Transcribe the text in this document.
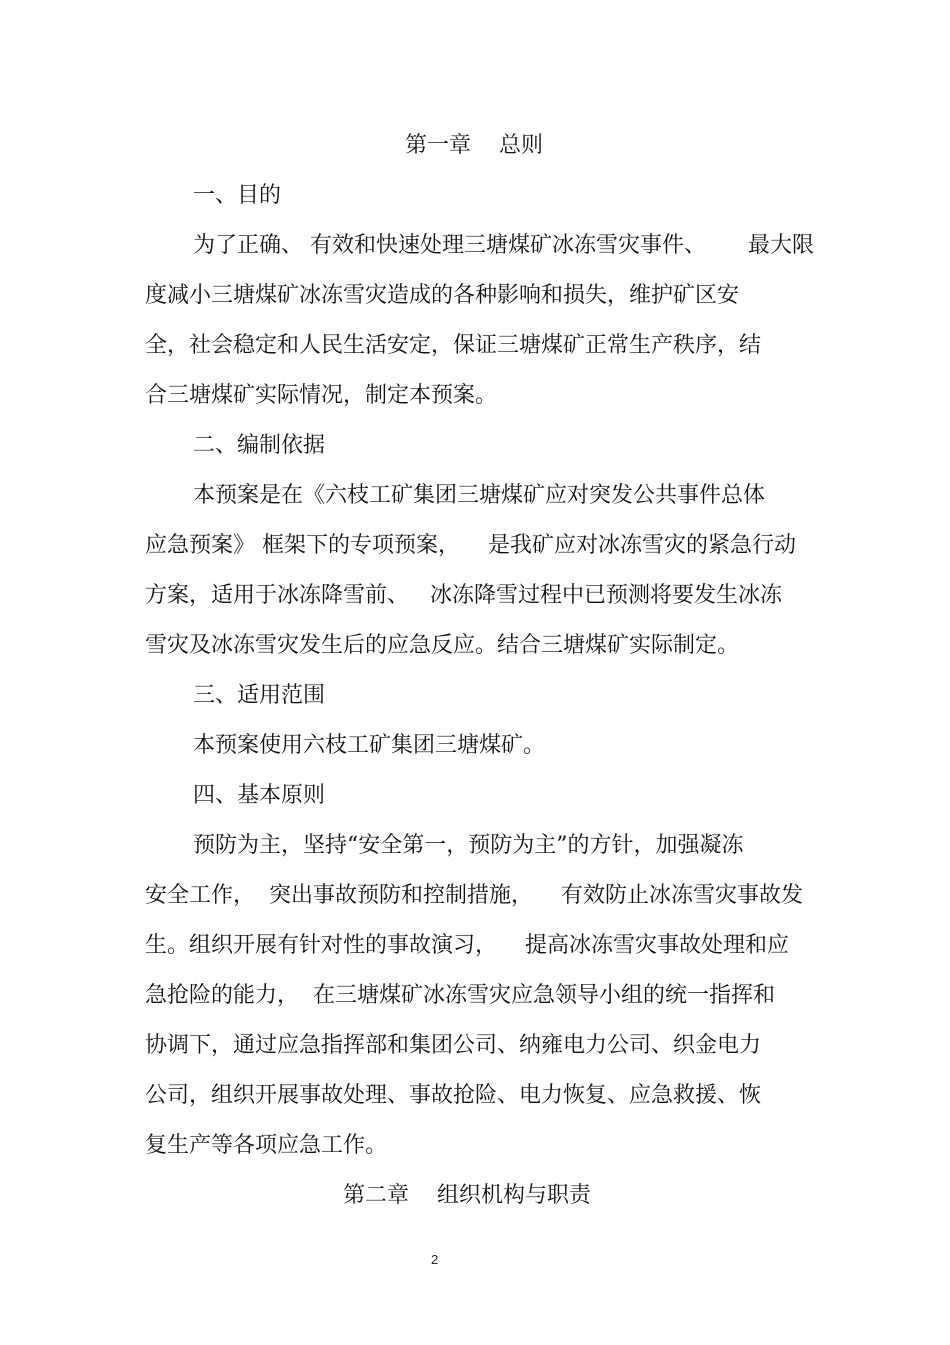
第一章    总则
一、目的
为了正确、 有效和快速处理三塘煤矿冰冻雪灾事件、      最大限
度减小三塘煤矿冰冻雪灾造成的各种影响和损失，维护矿区安
全，社会稳定和人民生活安定，保证三塘煤矿正常生产秩序，结
合三塘煤矿实际情况，制定本预案。
二、编制依据
本预案是在《六枝工矿集团三塘煤矿应对突发公共事件总体
应急预案》 框架下的专项预案，    是我矿应对冰冻雪灾的紧急行动
方案，适用于冰冻降雪前、   冰冻降雪过程中已预测将要发生冰冻
雪灾及冰冻雪灾发生后的应急反应。结合三塘煤矿实际制定。
三、适用范围
本预案使用六枝工矿集团三塘煤矿。
四、基本原则
预防为主，坚持“安全第一，预防为主”的方针，加强凝冻
安全工作，  突出事故预防和控制措施，    有效防止冰冻雪灾事故发
生。组织开展有针对性的事故演习，    提高冰冻雪灾事故处理和应
急抢险的能力，  在三塘煤矿冰冻雪灾应急领导小组的统一指挥和
协调下，通过应急指挥部和集团公司、纳雍电力公司、织金电力
公司，组织开展事故处理、事故抢险、电力恢复、应急救援、恢
复生产等各项应急工作。
第二章    组织机构与职责
2
